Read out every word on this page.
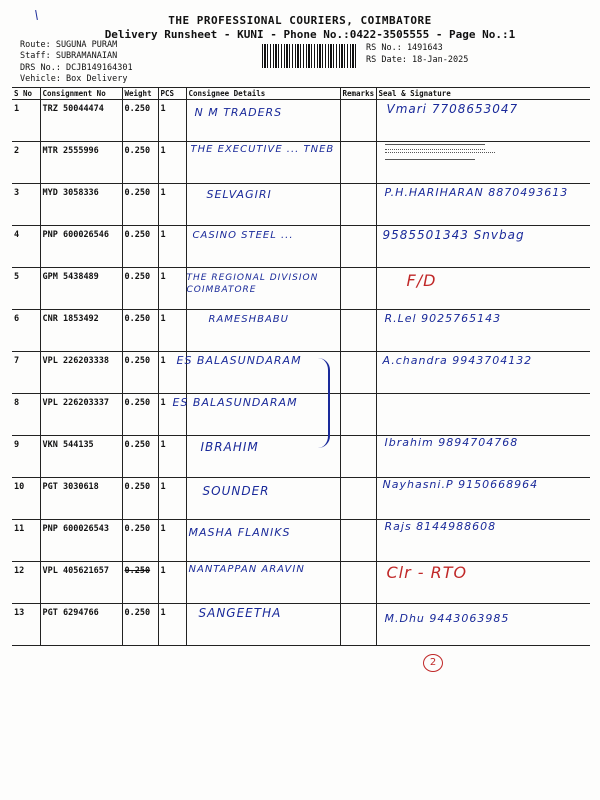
THE PROFESSIONAL COURIERS, COIMBATORE
Delivery Runsheet - KUNI - Phone No.:0422-3505555 - Page No.:1
Route: SUGUNA PURAM
Staff: SUBRAMANAIAN
DRS No.: DCJB149164301
Vehicle: Box Delivery
RS No.: 1491643
RS Date: 18-Jan-2025
S No	Consignment No	Weight	PCS	Consignee Details	Remarks	Seal & Signature
1	TRZ 50044474	0.250	1	N M TRADERS		Vmari 7708653047

2	MTR 2555996	0.250	1	THE EXECUTIVE ... TNEB		

3	MYD 3058336	0.250	1	SELVAGIRI		P.H.HARIHARAN 8870493613

4	PNP 600026546	0.250	1	CASINO STEEL ...		9585501343 Snvbag

5	GPM 5438489	0.250	1	THE REGIONAL DIVISION COIMBATORE		F/D

6	CNR 1853492	0.250	1	RAMESHBABU		R.Lel 9025765143

7	VPL 226203338	0.250	1	ES BALASUNDARAM		A.chandra 9943704132

8	VPL 226203337	0.250	1	ES BALASUNDARAM		

9	VKN 544135	0.250	1	IBRAHIM		Ibrahim 9894704768

10	PGT 3030618	0.250	1	SOUNDER		Nayhasni.P 9150668964

11	PNP 600026543	0.250	1	MASHA FLANIKS		Rajs 8144988608

12	VPL 405621657	0.250	1	NANTAPPAN ARAVIN		Clr - RTO

13	PGT 6294766	0.250	1	SANGEETHA		M.Dhu 9443063985
2
